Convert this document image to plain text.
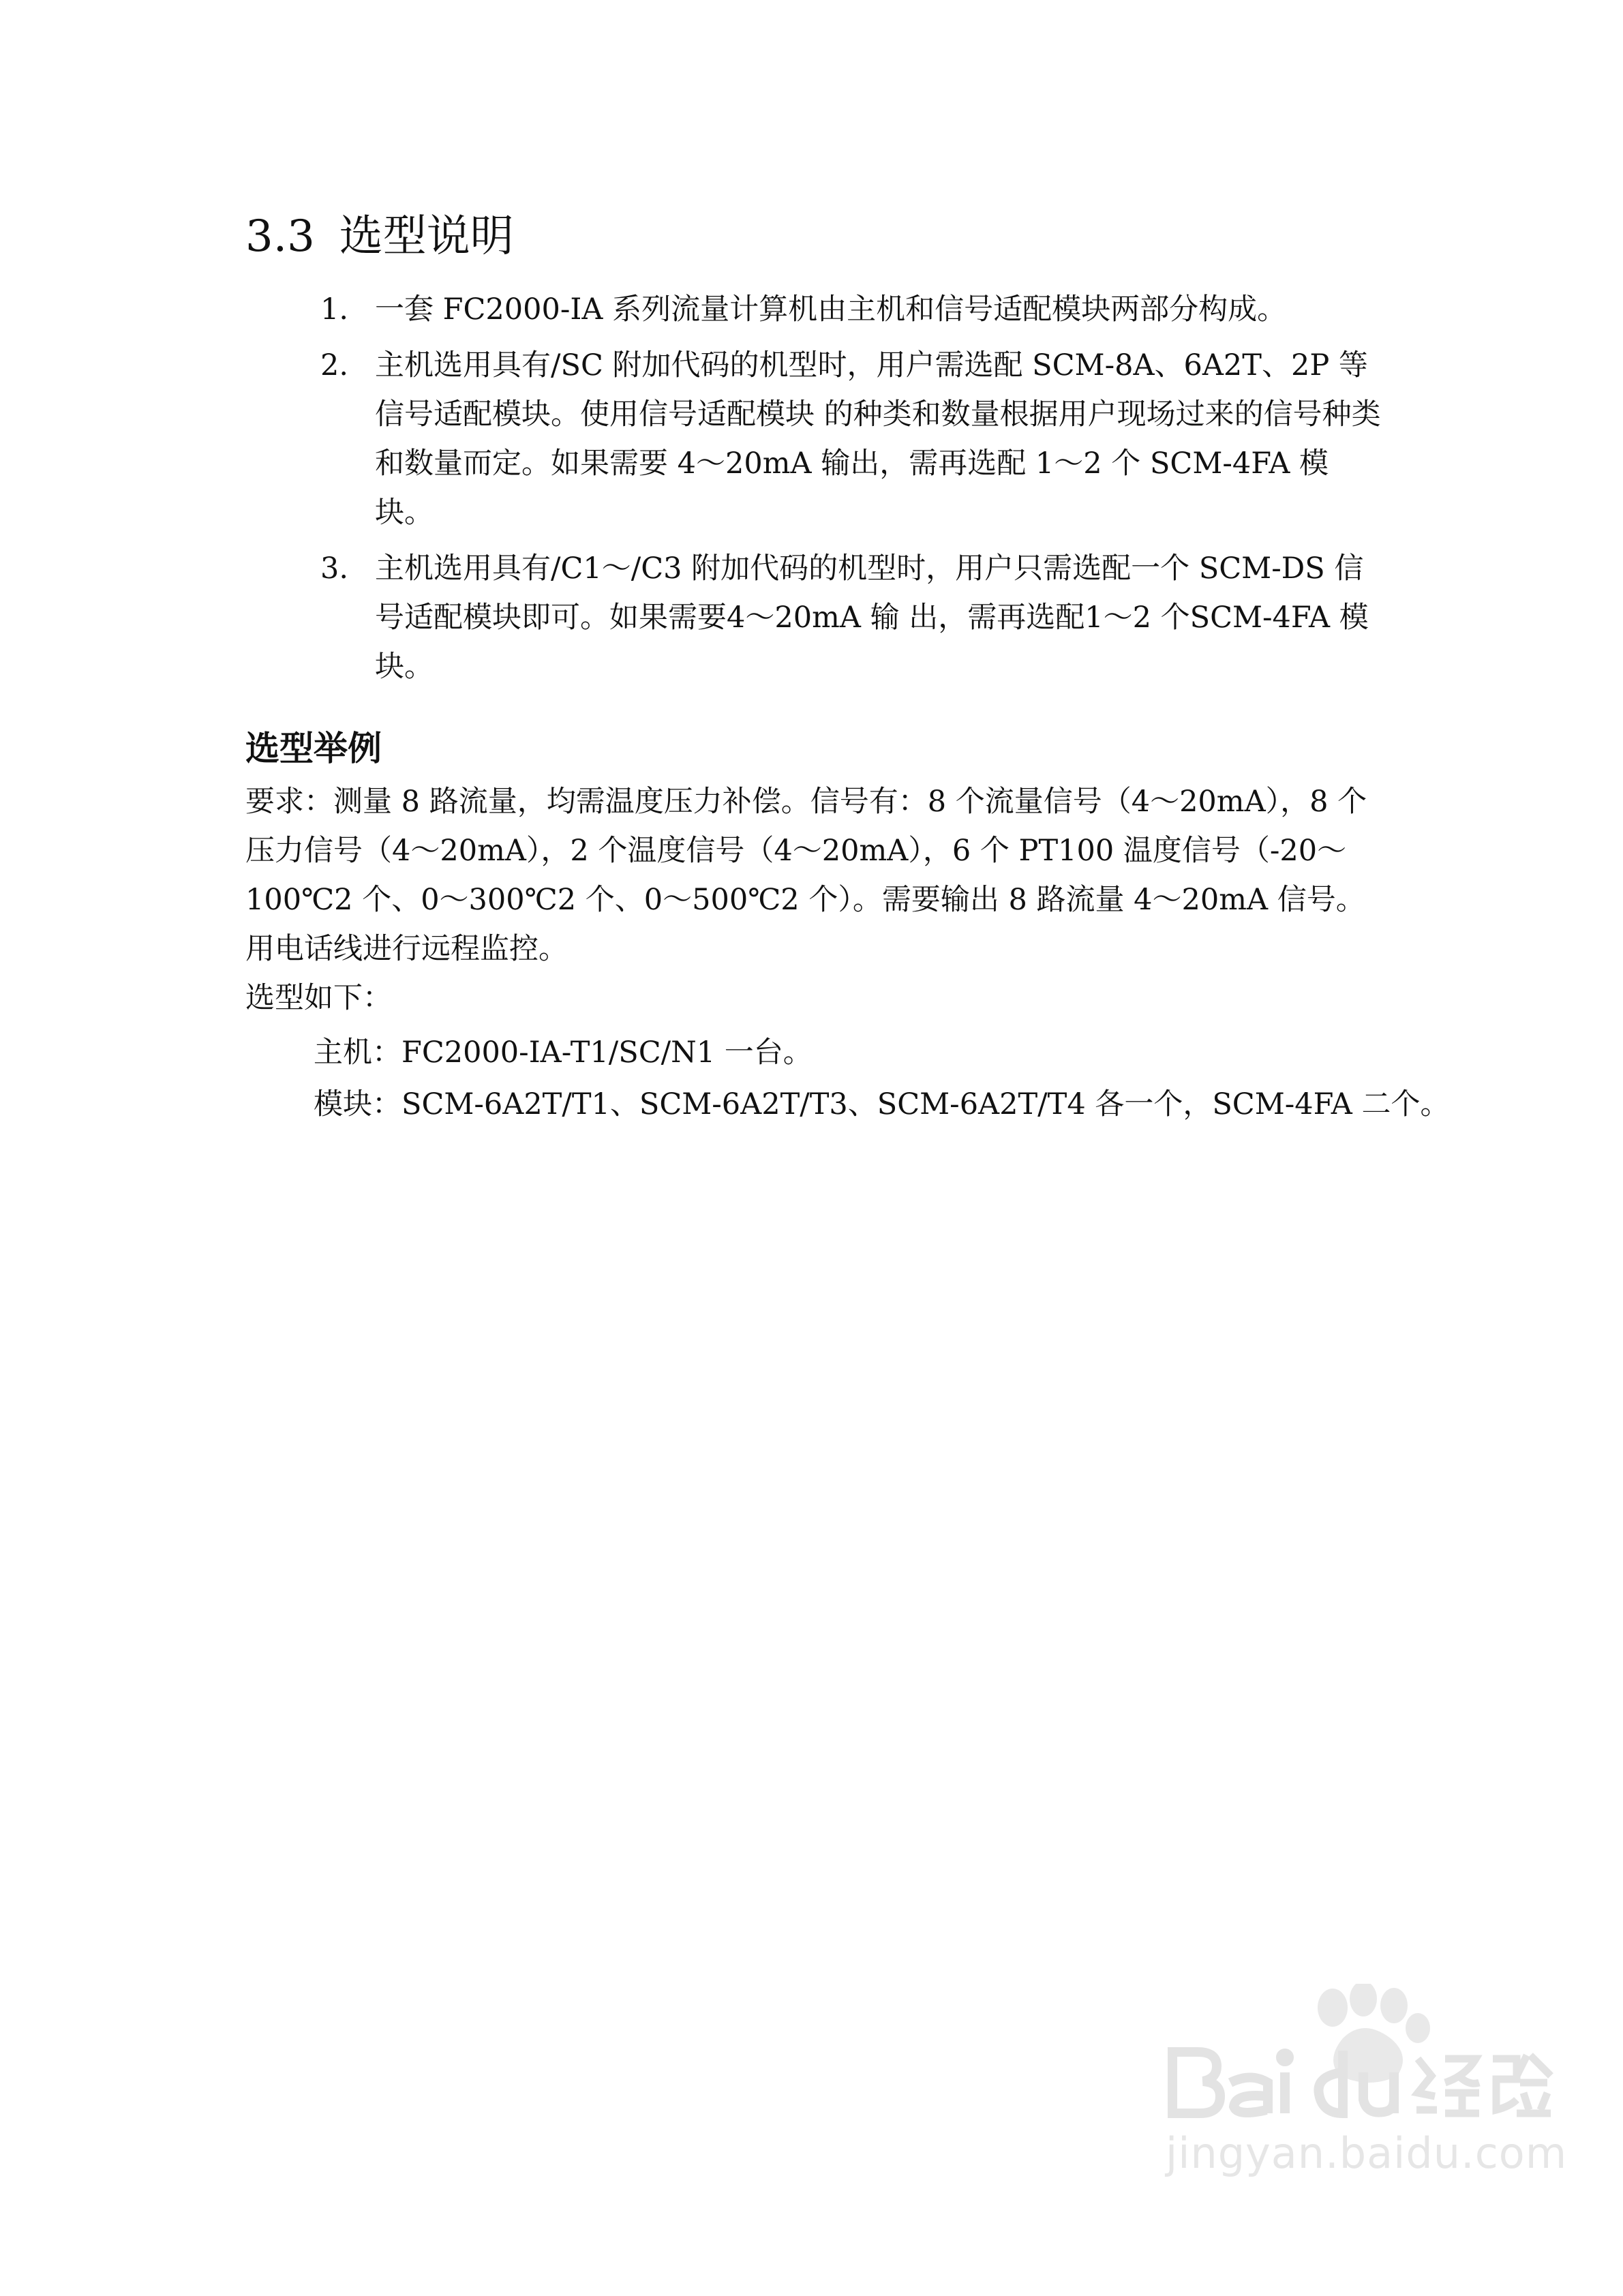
3.3 选型说明
1. 一套 FC2000-IA 系列流量计算机由主机和信号适配模块两部分构成。
2. 主机选用具有/SC 附加代码的机型时，用户需选配 SCM-8A、6A2T、2P 等信号适配模块。使用信号适配模块 的种类和数量根据用户现场过来的信号种类和数量而定。如果需要 4～20mA 输出，需再选配 1～2 个 SCM-4FA 模块。
3. 主机选用具有/C1～/C3 附加代码的机型时，用户只需选配一个 SCM-DS 信号适配模块即可。如果需要4～20mA 输 出，需再选配1～2 个SCM-4FA 模块。
选型举例
要求：测量 8 路流量，均需温度压力补偿。信号有：8 个流量信号（4～20mA），8 个压力信号（4～20mA），2 个温度信号（4～20mA），6 个 PT100 温度信号（-20～100℃2 个、0～300℃2 个、0～500℃2 个）。需要输出 8 路流量 4～20mA 信号。用电话线进行远程监控。
选型如下：
主机：FC2000-IA-T1/SC/N1 一台。
模块：SCM-6A2T/T1、SCM-6A2T/T3、SCM-6A2T/T4 各一个，SCM-4FA 二个。
jingyan.baidu.com
